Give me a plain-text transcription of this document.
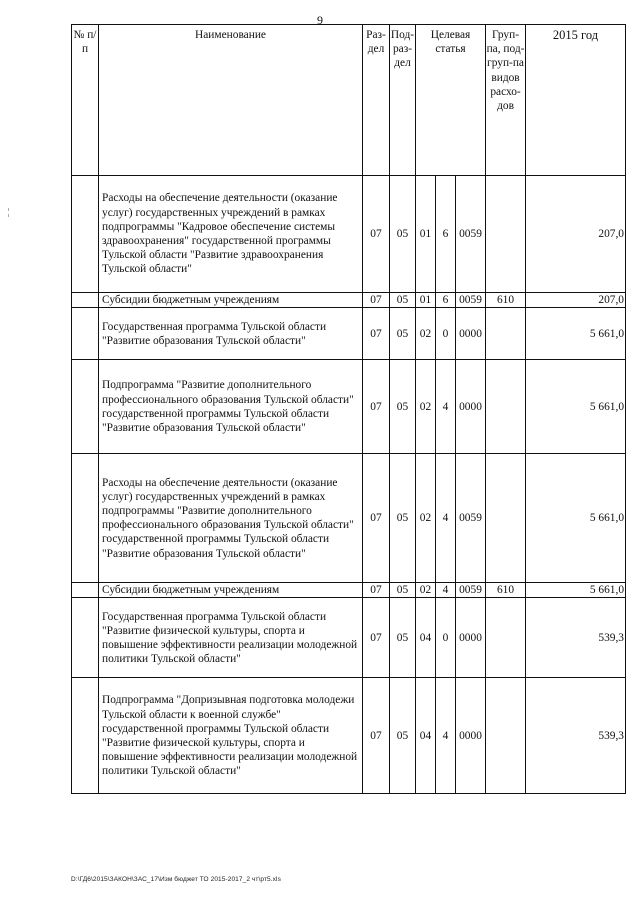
9
№ п/п	Наименование	Раз-дел	Под-раз-дел	Целевая статья			Груп-па, под-груп-па видов расхо-дов	2015 год
	Расходы на обеспечение деятельности (оказание услуг) государственных учреждений в рамках подпрограммы "Кадровое обеспечение системы здравоохранения" государственной программы Тульской области "Развитие здравоохранения Тульской области"	07	05	01	6	0059		207,0
	Субсидии бюджетным учреждениям	07	05	01	6	0059	610	207,0
	Государственная программа Тульской области "Развитие образования Тульской области"	07	05	02	0	0000		5 661,0
	Подпрограмма "Развитие дополнительного профессионального образования Тульской области" государственной программы Тульской области "Развитие образования Тульской области"	07	05	02	4	0000		5 661,0
	Расходы на обеспечение деятельности (оказание услуг) государственных учреждений в рамках подпрограммы "Развитие дополнительного профессионального образования Тульской области" государственной программы Тульской области "Развитие образования Тульской области"	07	05	02	4	0059		5 661,0
	Субсидии бюджетным учреждениям	07	05	02	4	0059	610	5 661,0
	Государственная программа Тульской области "Развитие физической культуры, спорта и повышение эффективности реализации молодежной политики Тульской области"	07	05	04	0	0000		539,3
	Подпрограмма "Допризывная подготовка молодежи Тульской области к военной службе" государственной программы Тульской области "Развитие физической культуры, спорта и повышение эффективности реализации молодежной политики Тульской области"	07	05	04	4	0000		539,3
D:\ГД6\2015\ЗАКОН\ЗАС_17\Изм бюджет ТО 2015-2017_2 чт\рт5.xls
